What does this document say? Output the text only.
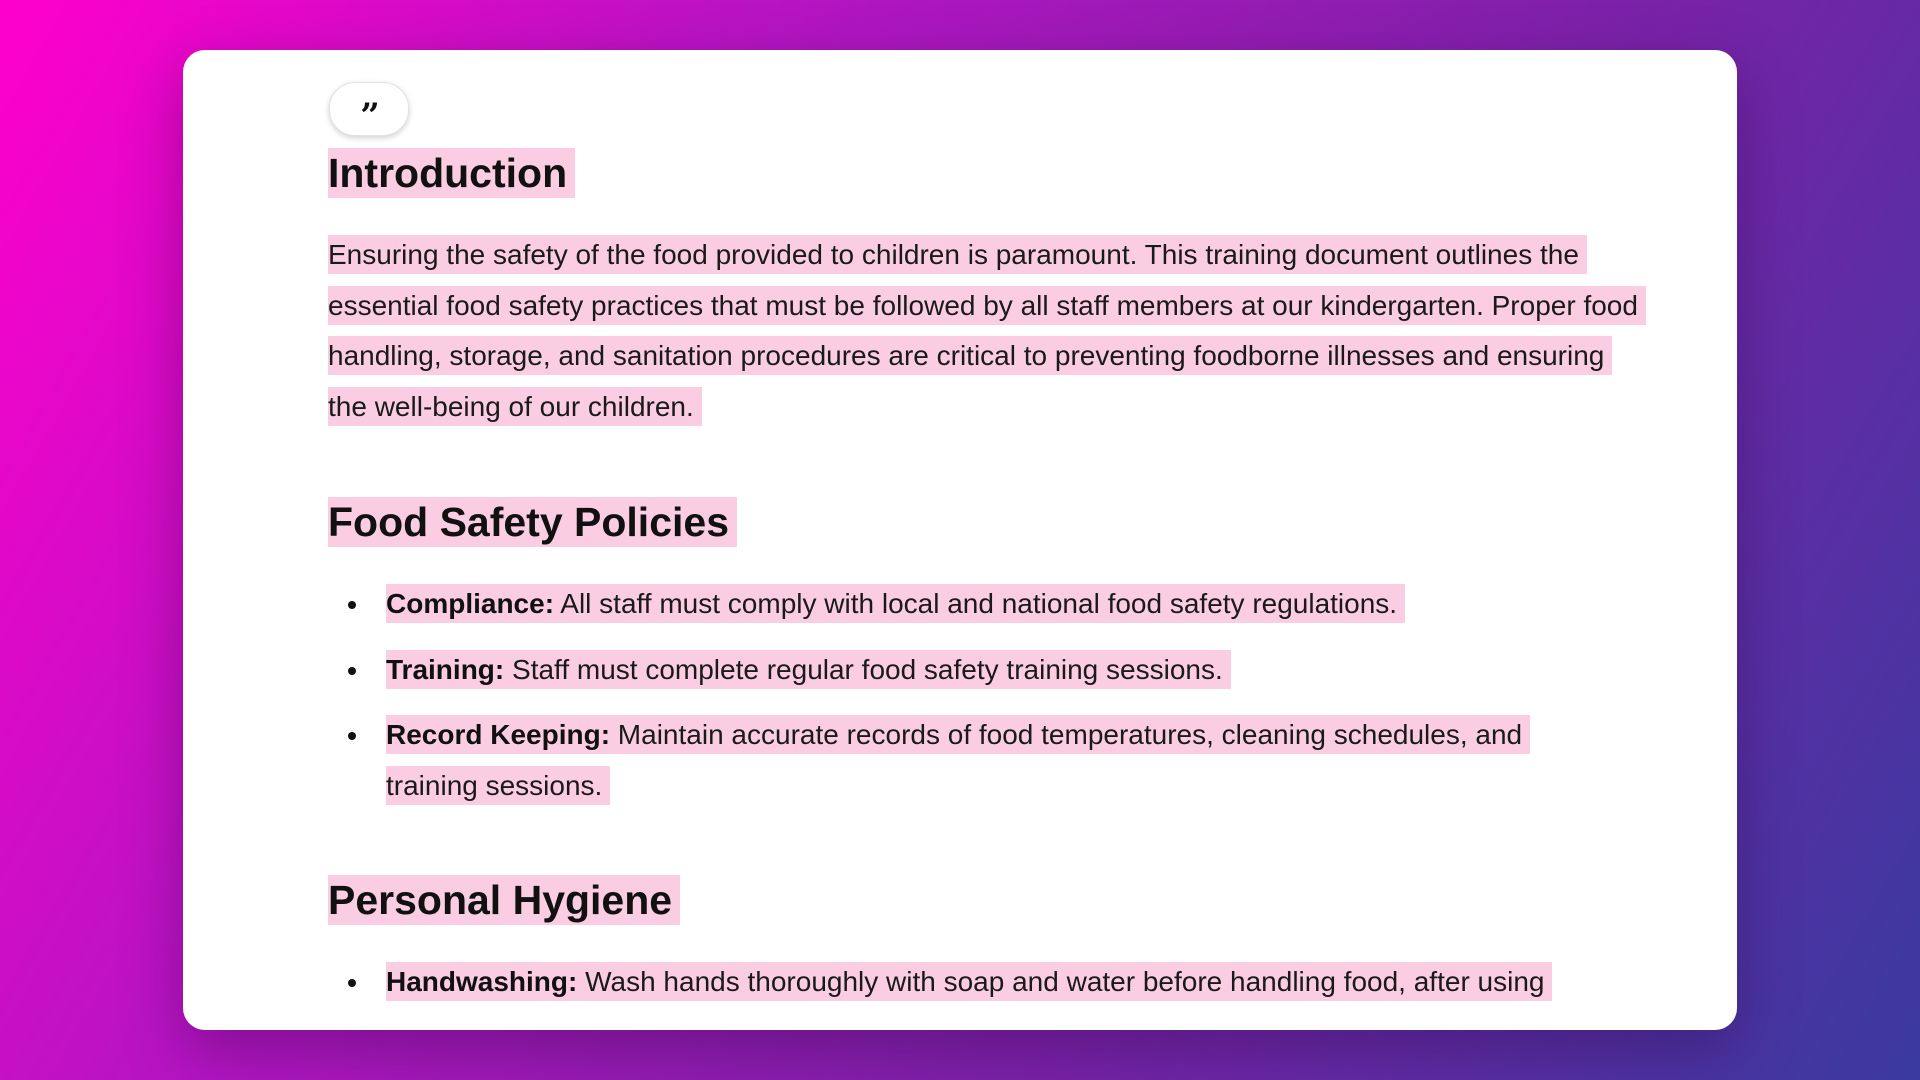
”
Introduction

Ensuring the safety of the food provided to children is paramount. This training document outlines the essential food safety practices that must be followed by all staff members at our kindergarten. Proper food handling, storage, and sanitation procedures are critical to preventing foodborne illnesses and ensuring the well-being of our children.

Food Safety Policies
Compliance: All staff must comply with local and national food safety regulations.
Training: Staff must complete regular food safety training sessions.
Record Keeping: Maintain accurate records of food temperatures, cleaning schedules, and training sessions.
Personal Hygiene
Handwashing: Wash hands thoroughly with soap and water before handling food, after using
